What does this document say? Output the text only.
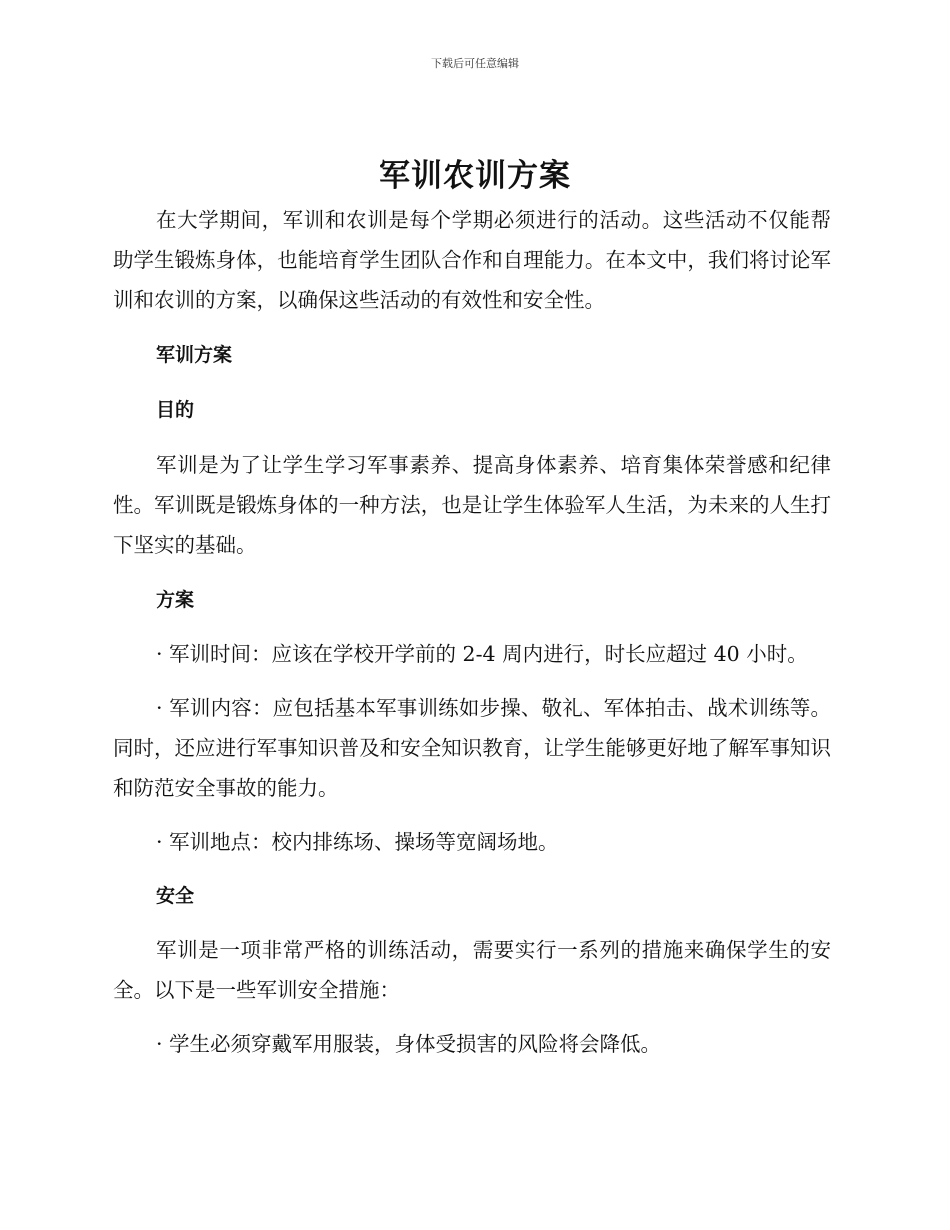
下载后可任意编辑
军训农训方案

在大学期间，军训和农训是每个学期必须进行的活动。这些活动不仅能帮助学生锻炼身体，也能培育学生团队合作和自理能力。在本文中，我们将讨论军训和农训的方案，以确保这些活动的有效性和安全性。

军训方案
目的

军训是为了让学生学习军事素养、提高身体素养、培育集体荣誉感和纪律性。军训既是锻炼身体的一种方法，也是让学生体验军人生活，为未来的人生打下坚实的基础。

方案

· 军训时间：应该在学校开学前的 2-4 周内进行，时长应超过 40 小时。

· 军训内容：应包括基本军事训练如步操、敬礼、军体拍击、战术训练等。同时，还应进行军事知识普及和安全知识教育，让学生能够更好地了解军事知识和防范安全事故的能力。

· 军训地点：校内排练场、操场等宽阔场地。

安全

军训是一项非常严格的训练活动，需要实行一系列的措施来确保学生的安全。以下是一些军训安全措施：

· 学生必须穿戴军用服装，身体受损害的风险将会降低。
